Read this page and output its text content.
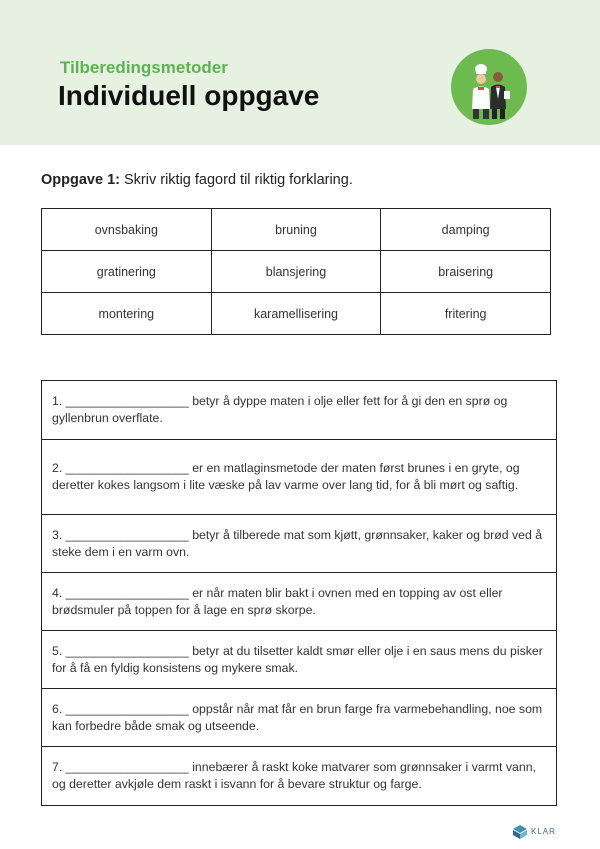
Tilberedingsmetoder
Individuell oppgave
Oppgave 1: Skriv riktig fagord til riktig forklaring.
ovnsbaking	bruning	damping
gratinering	blansjering	braisering
montering	karamellisering	fritering
1. __________________ betyr å dyppe maten i olje eller fett for å gi den en sprø og gyllenbrun overflate.
2. __________________ er en matlaginsmetode der maten først brunes i en gryte, og deretter kokes langsom i lite væske på lav varme over lang tid, for å bli mørt og saftig.
3. __________________ betyr å tilberede mat som kjøtt, grønnsaker, kaker og brød ved å steke dem i en varm ovn.
4. __________________ er når maten blir bakt i ovnen med en topping av ost eller brødsmuler på toppen for å lage en sprø skorpe.
5. __________________ betyr at du tilsetter kaldt smør eller olje i en saus mens du pisker for å få en fyldig konsistens og mykere smak.
6. __________________ oppstår når mat får en brun farge fra varmebehandling, noe som kan forbedre både smak og utseende.
7. __________________ innebærer å raskt koke matvarer som grønnsaker i varmt vann, og deretter avkjøle dem raskt i isvann for å bevare struktur og farge.
KLAR
